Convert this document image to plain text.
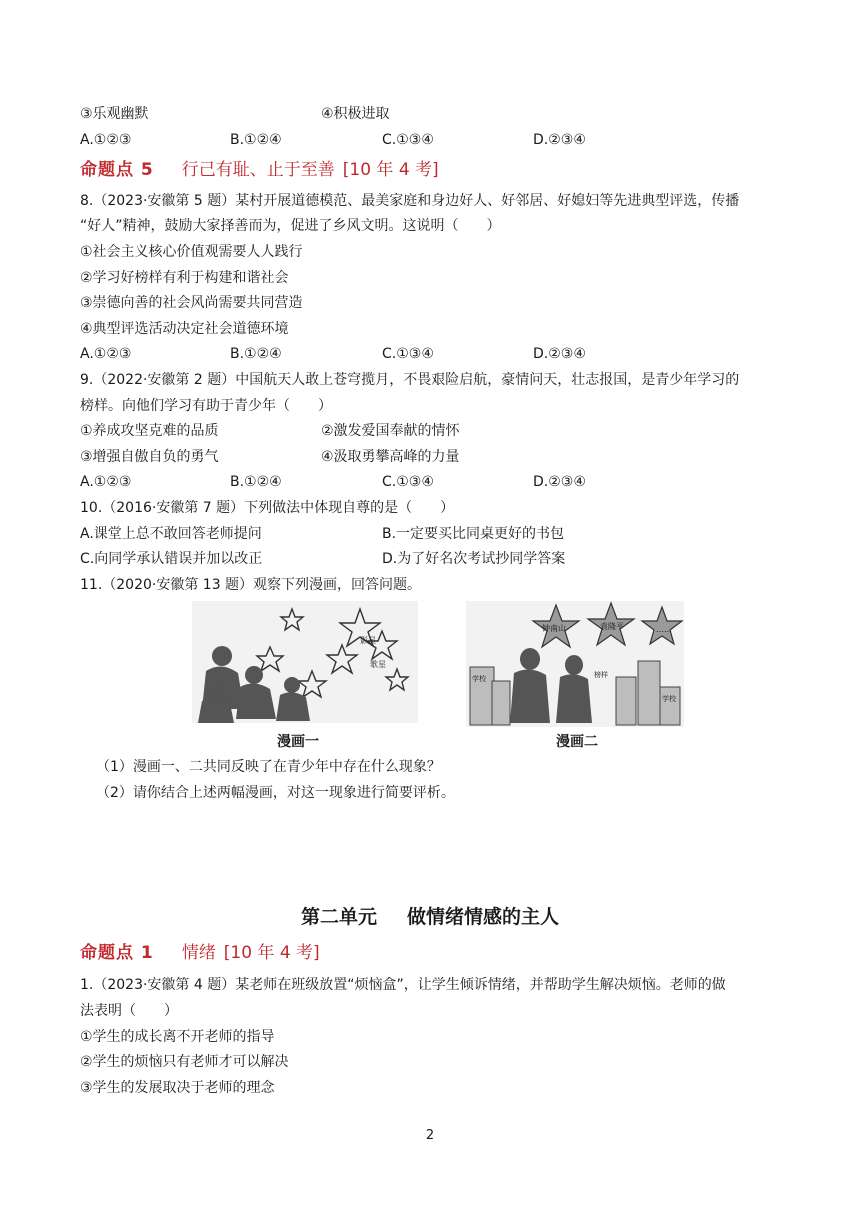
③乐观幽默	④积极进取
A.①②③	B.①②④	C.①③④	D.②③④
命题点 5 行己有耻、止于至善 [10 年 4 考]
8.（2023·安徽第 5 题）某村开展道德模范、最美家庭和身边好人、好邻居、好媳妇等先进典型评选，传播
“好人”精神，鼓励大家择善而为，促进了乡风文明。这说明（　　）
①社会主义核心价值观需要人人践行
②学习好榜样有利于构建和谐社会
③崇德向善的社会风尚需要共同营造
④典型评选活动决定社会道德环境
A.①②③	B.①②④	C.①③④	D.②③④
9.（2022·安徽第 2 题）中国航天人敢上苍穹揽月，不畏艰险启航，豪情问天，壮志报国，是青少年学习的
榜样。向他们学习有助于青少年（　　）
①养成攻坚克难的品质	②激发爱国奉献的情怀
③增强自傲自负的勇气	④汲取勇攀高峰的力量
A.①②③	B.①②④	C.①③④	D.②③④
10.（2016·安徽第 7 题）下列做法中体现自尊的是（　　）
A.课堂上总不敢回答老师提问	B.一定要买比同桌更好的书包
C.向同学承认错误并加以改正	D.为了好名次考试抄同学答案
11.（2020·安徽第 13 题）观察下列漫画，回答问题。
影星
歌星
漫画一
钟南山	袁隆平	……
学校
学校
榜样
漫画二
（1）漫画一、二共同反映了在青少年中存在什么现象？
（2）请你结合上述两幅漫画，对这一现象进行简要评析。
第二单元 做情绪情感的主人
命题点 1 情绪 [10 年 4 考]
1.（2023·安徽第 4 题）某老师在班级放置“烦恼盒”，让学生倾诉情绪，并帮助学生解决烦恼。老师的做
法表明（　　）
①学生的成长离不开老师的指导
②学生的烦恼只有老师才可以解决
③学生的发展取决于老师的理念
2
